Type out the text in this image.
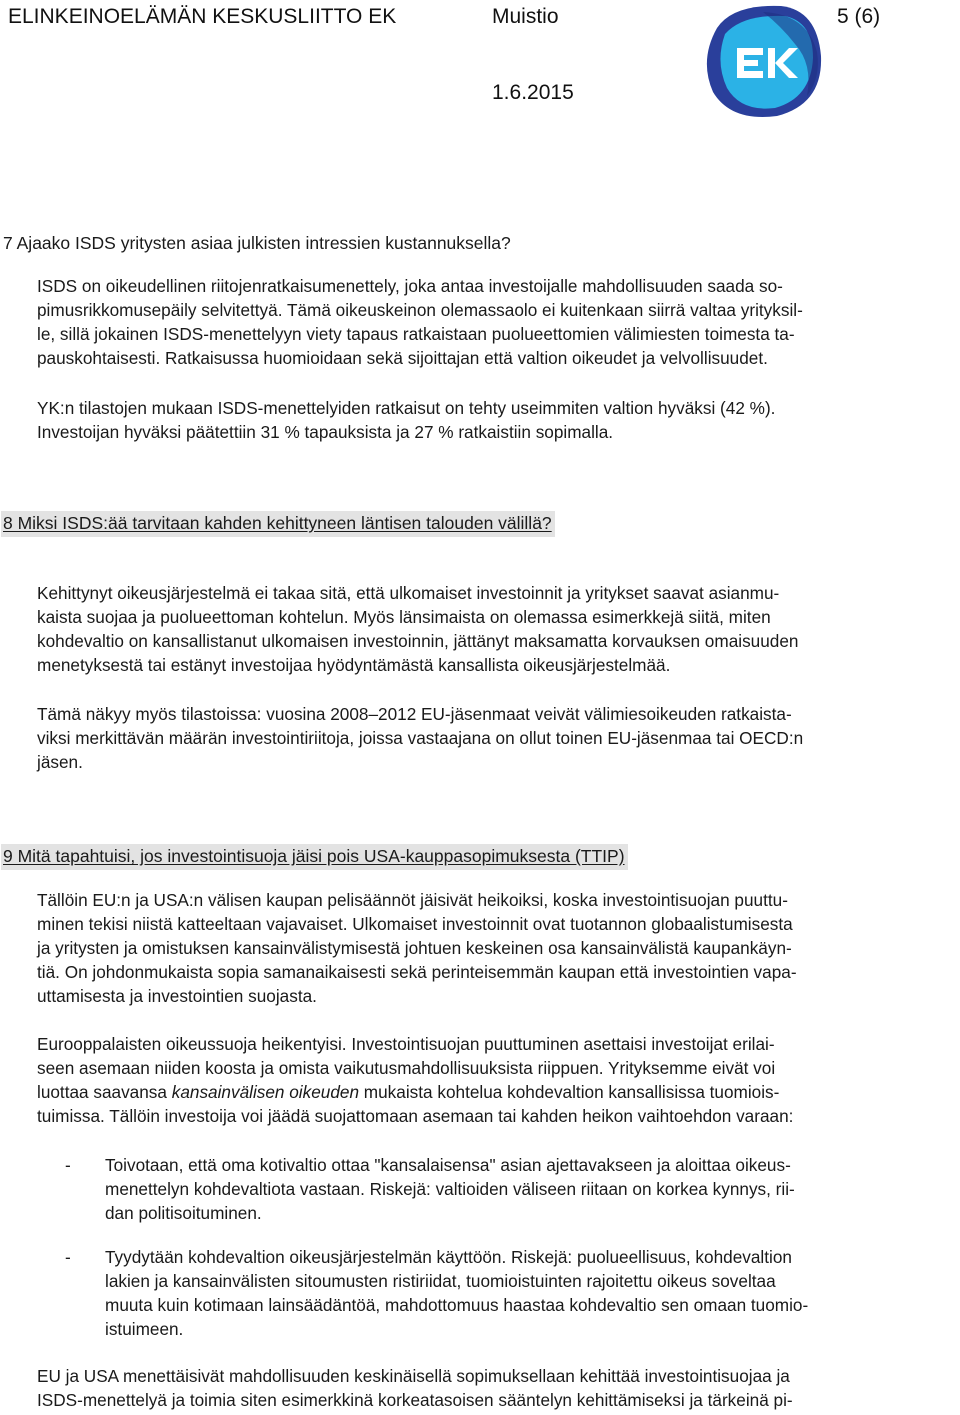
ELINKEINOELÄMÄN KESKUSLIITTO EK	Muistio	5 (6)
1.6.2015
7 Ajaako ISDS yritysten asiaa julkisten intressien kustannuksella?
ISDS on oikeudellinen riitojenratkaisumenettely, joka antaa investoijalle mahdollisuuden saada so-
pimusrikkomusepäily selvitettyä. Tämä oikeuskeinon olemassaolo ei kuitenkaan siirrä valtaa yrityksil-
le, sillä jokainen ISDS-menettelyyn viety tapaus ratkaistaan puolueettomien välimiesten toimesta ta-
pauskohtaisesti. Ratkaisussa huomioidaan sekä sijoittajan että valtion oikeudet ja velvollisuudet.
YK:n tilastojen mukaan ISDS-menettelyiden ratkaisut on tehty useimmiten valtion hyväksi (42 %).
Investoijan hyväksi päätettiin 31 % tapauksista ja 27 % ratkaistiin sopimalla.
8 Miksi ISDS:ää tarvitaan kahden kehittyneen läntisen talouden välillä?
Kehittynyt oikeusjärjestelmä ei takaa sitä, että ulkomaiset investoinnit ja yritykset saavat asianmu-
kaista suojaa ja puolueettoman kohtelun. Myös länsimaista on olemassa esimerkkejä siitä, miten
kohdevaltio on kansallistanut ulkomaisen investoinnin, jättänyt maksamatta korvauksen omaisuuden
menetyksestä tai estänyt investoijaa hyödyntämästä kansallista oikeusjärjestelmää.
Tämä näkyy myös tilastoissa: vuosina 2008–2012 EU-jäsenmaat veivät välimiesoikeuden ratkaista-
viksi merkittävän määrän investointiriitoja, joissa vastaajana on ollut toinen EU-jäsenmaa tai OECD:n
jäsen.
9 Mitä tapahtuisi, jos investointisuoja jäisi pois USA-kauppasopimuksesta (TTIP)
Tällöin EU:n ja USA:n välisen kaupan pelisäännöt jäisivät heikoiksi, koska investointisuojan puuttu-
minen tekisi niistä katteeltaan vajavaiset. Ulkomaiset investoinnit ovat tuotannon globaalistumisesta
ja yritysten ja omistuksen kansainvälistymisestä johtuen keskeinen osa kansainvälistä kaupankäyn-
tiä. On johdonmukaista sopia samanaikaisesti sekä perinteisemmän kaupan että investointien vapa-
uttamisesta ja investointien suojasta.
Eurooppalaisten oikeussuoja heikentyisi. Investointisuojan puuttuminen asettaisi investoijat erilai-
seen asemaan niiden koosta ja omista vaikutusmahdollisuuksista riippuen. Yrityksemme eivät voi
luottaa saavansa kansainvälisen oikeuden mukaista kohtelua kohdevaltion kansallisissa tuomiois-
tuimissa. Tällöin investoija voi jäädä suojattomaan asemaan tai kahden heikon vaihtoehdon varaan:
- Toivotaan, että oma kotivaltio ottaa "kansalaisensa" asian ajettavakseen ja aloittaa oikeus-
menettelyn kohdevaltiota vastaan. Riskejä: valtioiden väliseen riitaan on korkea kynnys, rii-
dan politisoituminen.
- Tyydytään kohdevaltion oikeusjärjestelmän käyttöön. Riskejä: puolueellisuus, kohdevaltion
lakien ja kansainvälisten sitoumusten ristiriidat, tuomioistuinten rajoitettu oikeus soveltaa
muuta kuin kotimaan lainsäädäntöä, mahdottomuus haastaa kohdevaltio sen omaan tuomio-
istuimeen.
EU ja USA menettäisivät mahdollisuuden keskinäisellä sopimuksellaan kehittää investointisuojaa ja
ISDS-menettelyä ja toimia siten esimerkkinä korkeatasoisen sääntelyn kehittämiseksi ja tärkeinä pi-
